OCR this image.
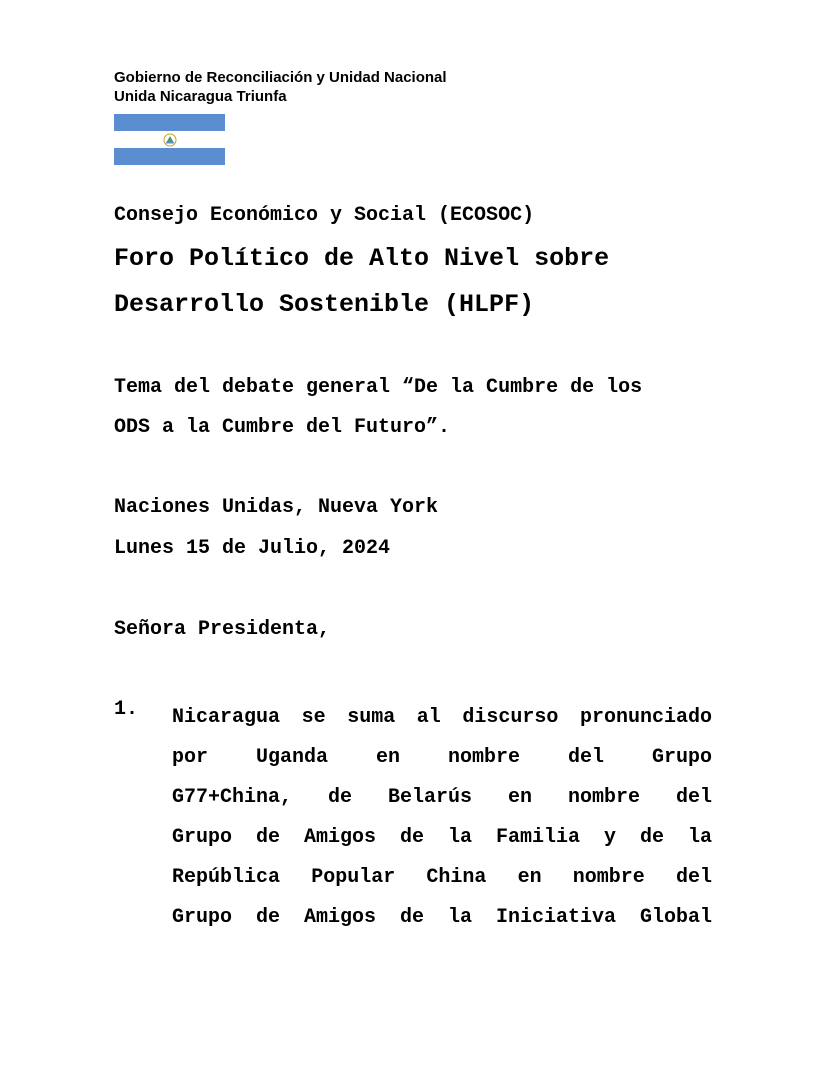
Gobierno de Reconciliación y Unidad Nacional
Unida Nicaragua Triunfa
Consejo Económico y Social (ECOSOC)
Foro Político de Alto Nivel sobre
Desarrollo Sostenible (HLPF)
Tema del debate general “De la Cumbre de los
ODS a la Cumbre del Futuro”.
Naciones Unidas, Nueva York
Lunes 15 de Julio, 2024
Señora Presidenta,
1. Nicaragua se suma al discurso pronunciado
por Uganda en nombre del Grupo
G77+China, de Belarús en nombre del
Grupo de Amigos de la Familia y de la
República Popular China en nombre del
Grupo de Amigos de la Iniciativa Global
